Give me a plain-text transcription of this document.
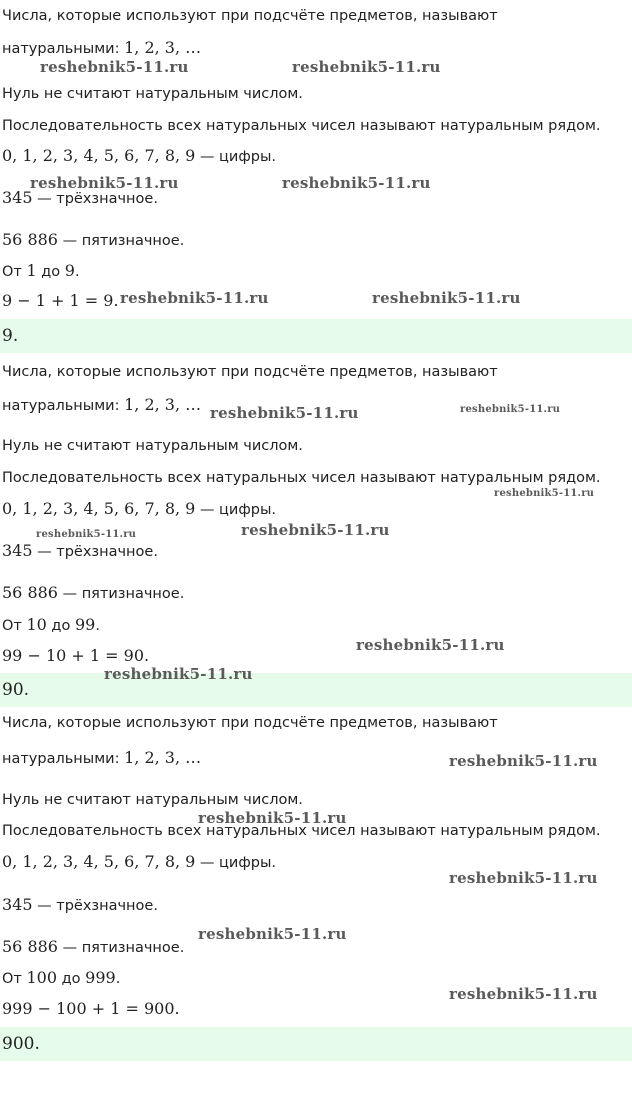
Числа, которые используют при подсчёте предметов, называют
натуральными: 1, 2, 3, …
Нуль не считают натуральным числом.
Последовательность всех натуральных чисел называют натуральным рядом.
0, 1, 2, 3, 4, 5, 6, 7, 8, 9 — цифры.
345 — трёхзначное.
56 886 — пятизначное.
От 1 до 9.
9 − 1 + 1 = 9.
9.
Числа, которые используют при подсчёте предметов, называют
натуральными: 1, 2, 3, …
Нуль не считают натуральным числом.
Последовательность всех натуральных чисел называют натуральным рядом.
0, 1, 2, 3, 4, 5, 6, 7, 8, 9 — цифры.
345 — трёхзначное.
56 886 — пятизначное.
От 10 до 99.
99 − 10 + 1 = 90.
90.
Числа, которые используют при подсчёте предметов, называют
натуральными: 1, 2, 3, …
Нуль не считают натуральным числом.
Последовательность всех натуральных чисел называют натуральным рядом.
0, 1, 2, 3, 4, 5, 6, 7, 8, 9 — цифры.
345 — трёхзначное.
56 886 — пятизначное.
От 100 до 999.
999 − 100 + 1 = 900.
900.
reshebnik5-11.ru	reshebnik5-11.ru
reshebnik5-11.ru	reshebnik5-11.ru
reshebnik5-11.ru	reshebnik5-11.ru
reshebnik5-11.ru	reshebnik5-11.ru
reshebnik5-11.ru
reshebnik5-11.ru	reshebnik5-11.ru
reshebnik5-11.ru
reshebnik5-11.ru
reshebnik5-11.ru
reshebnik5-11.ru
reshebnik5-11.ru
reshebnik5-11.ru
reshebnik5-11.ru
